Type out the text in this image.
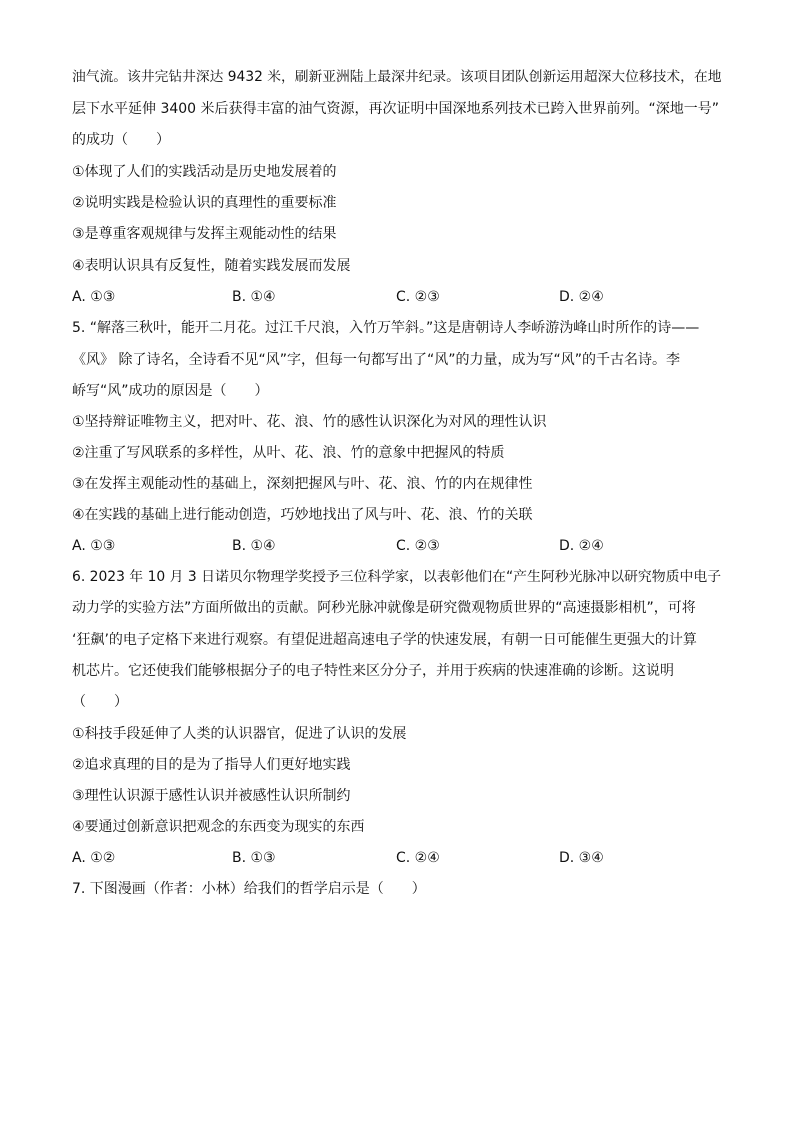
油气流。该井完钻井深达 9432 米，刷新亚洲陆上最深井纪录。该项目团队创新运用超深大位移技术，在地
层下水平延伸 3400 米后获得丰富的油气资源，再次证明中国深地系列技术已跨入世界前列。“深地一号”
的成功（　　）
①体现了人们的实践活动是历史地发展着的
②说明实践是检验认识的真理性的重要标准
③是尊重客观规律与发挥主观能动性的结果
④表明认识具有反复性，随着实践发展而发展
A. ①③	B. ①④	C. ②③	D. ②④
5. “解落三秋叶，能开二月花。过江千尺浪，入竹万竿斜。”这是唐朝诗人李峤游沩峰山时所作的诗——
《风》 除了诗名，全诗看不见“风”字，但每一句都写出了“风”的力量，成为写“风”的千古名诗。李
峤写“风”成功的原因是（　　）
①坚持辩证唯物主义，把对叶、花、浪、竹的感性认识深化为对风的理性认识
②注重了写风联系的多样性，从叶、花、浪、竹的意象中把握风的特质
③在发挥主观能动性的基础上，深刻把握风与叶、花、浪、竹的内在规律性
④在实践的基础上进行能动创造，巧妙地找出了风与叶、花、浪、竹的关联
A. ①③	B. ①④	C. ②③	D. ②④
6. 2023 年 10 月 3 日诺贝尔物理学奖授予三位科学家，以表彰他们在“产生阿秒光脉冲以研究物质中电子
动力学的实验方法”方面所做出的贡献。阿秒光脉冲就像是研究微观物质世界的“高速摄影相机”，可将
‘狂飙’的电子定格下来进行观察。有望促进超高速电子学的快速发展，有朝一日可能催生更强大的计算
机芯片。它还使我们能够根据分子的电子特性来区分分子，并用于疾病的快速准确的诊断。这说明
（　　）
①科技手段延伸了人类的认识器官，促进了认识的发展
②追求真理的目的是为了指导人们更好地实践
③理性认识源于感性认识并被感性认识所制约
④要通过创新意识把观念的东西变为现实的东西
A. ①②	B. ①③	C. ②④	D. ③④
7. 下图漫画（作者：小林）给我们的哲学启示是（　　）
